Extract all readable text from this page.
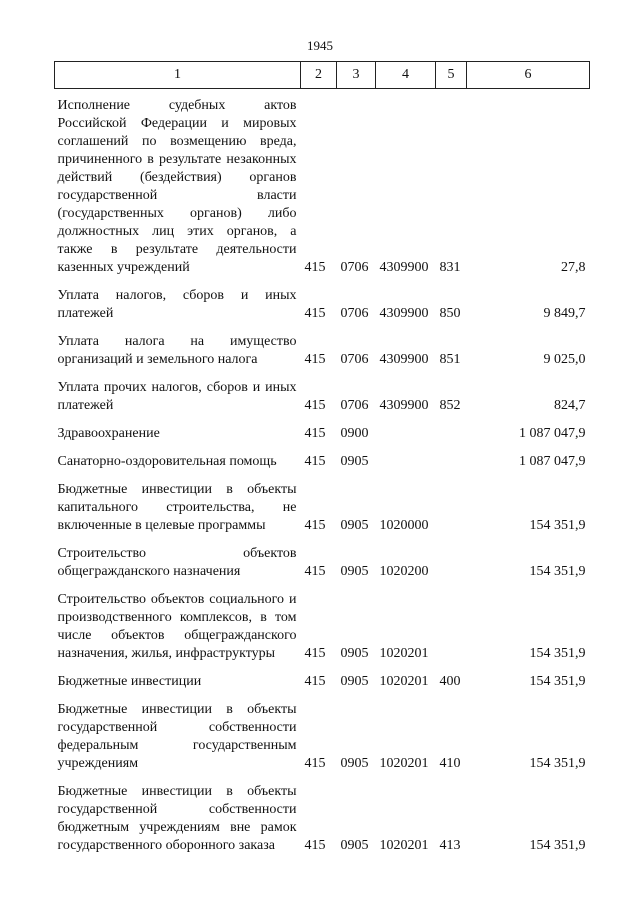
1945
1	2	3	4	5	6
Исполнение судебных актов Российской Федерации и мировых соглашений по возмещению вреда, причиненного в результате незаконных действий (бездействия) органов государственной власти (государственных органов) либо должностных лиц этих органов, а также в результате деятельности казенных учреждений	415	0706	4309900	831	27,8
Уплата налогов, сборов и иных платежей	415	0706	4309900	850	9 849,7
Уплата налога на имущество организаций и земельного налога	415	0706	4309900	851	9 025,0
Уплата прочих налогов, сборов и иных платежей	415	0706	4309900	852	824,7
Здравоохранение	415	0900			1 087 047,9
Санаторно-оздоровительная помощь	415	0905			1 087 047,9
Бюджетные инвестиции в объекты капитального строительства, не включенные в целевые программы	415	0905	1020000		154 351,9
Строительство объектов общегражданского назначения	415	0905	1020200		154 351,9
Строительство объектов социального и производственного комплексов, в том числе объектов общегражданского назначения, жилья, инфраструктуры	415	0905	1020201		154 351,9
Бюджетные инвестиции	415	0905	1020201	400	154 351,9
Бюджетные инвестиции в объекты государственной собственности федеральным государственным учреждениям	415	0905	1020201	410	154 351,9
Бюджетные инвестиции в объекты государственной собственности бюджетным учреждениям вне рамок государственного оборонного заказа	415	0905	1020201	413	154 351,9
